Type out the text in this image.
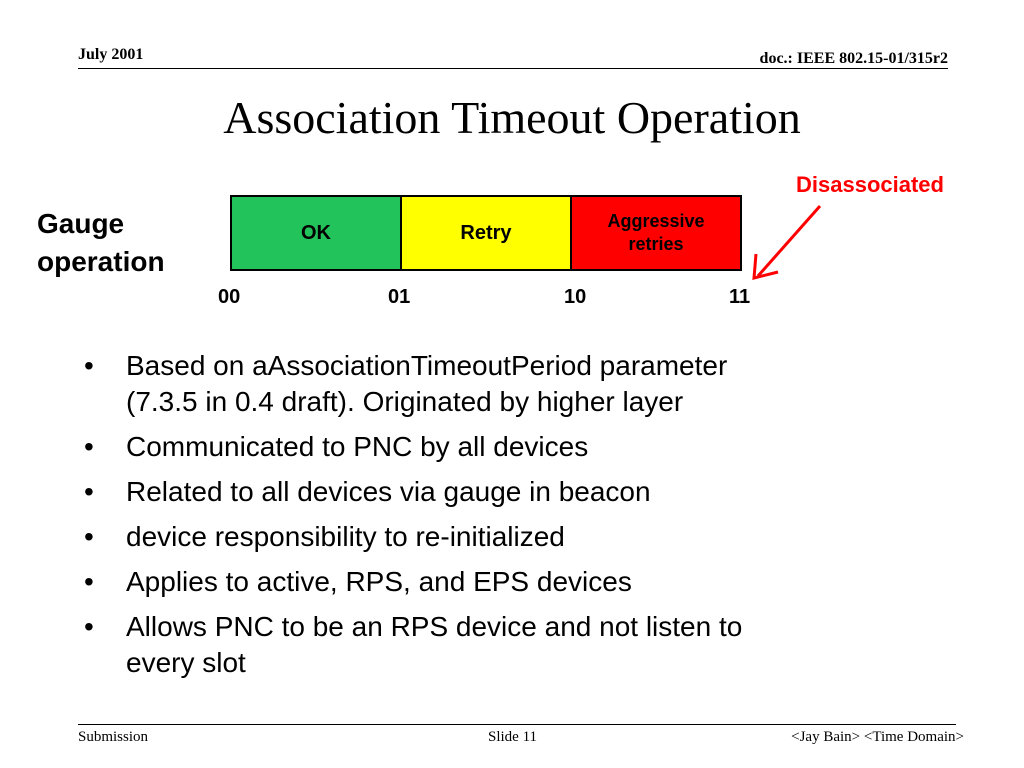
July 2001	doc.: IEEE 802.15-01/315r2
Association Timeout Operation
Gauge
operation
OK	Retry
Aggressive
retries
00	01	10	11
Disassociated
• Based on aAssociationTimeoutPeriod parameter
(7.3.5 in 0.4 draft). Originated by higher layer
• Communicated to PNC by all devices
• Related to all devices via gauge in beacon
• device responsibility to re-initialized
• Applies to active, RPS, and EPS devices
• Allows PNC to be an RPS device and not listen to
every slot
Submission	Slide 11	<Jay Bain> <Time Domain>
